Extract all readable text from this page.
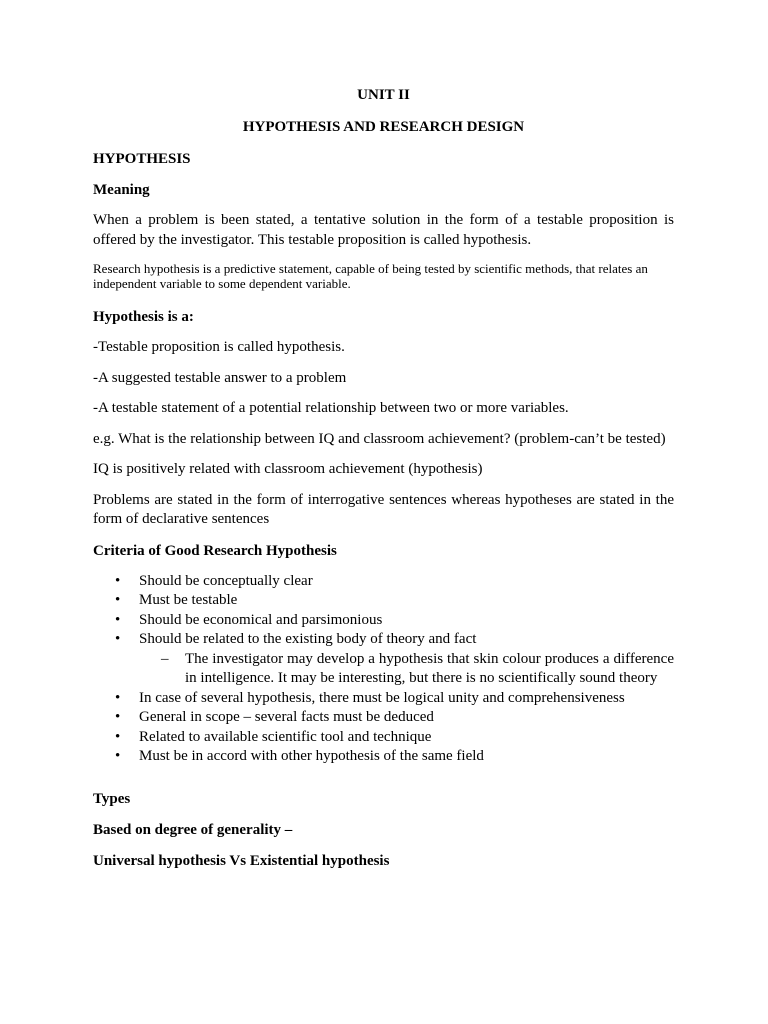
UNIT II
HYPOTHESIS AND RESEARCH DESIGN
HYPOTHESIS
Meaning

When a problem is been stated, a tentative solution in the form of a testable proposition is offered by the investigator. This testable proposition is called hypothesis.

Research hypothesis is a predictive statement, capable of being tested by scientific methods, that relates an independent variable to some dependent variable.

Hypothesis is a:

-Testable proposition is called hypothesis.

-A suggested testable answer to a problem

-A testable statement of a potential relationship between two or more variables.

e.g. What is the relationship between IQ and classroom achievement? (problem-can’t be tested)

IQ is positively related with classroom achievement (hypothesis)

Problems are stated in the form of interrogative sentences whereas hypotheses are stated in the form of declarative sentences

Criteria of Good Research Hypothesis
• Should be conceptually clear
• Must be testable
• Should be economical and parsimonious
• Should be related to the existing body of theory and fact
– The investigator may develop a hypothesis that skin colour produces a difference in intelligence. It may be interesting, but there is no scientifically sound theory
• In case of several hypothesis, there must be logical unity and comprehensiveness
• General in scope – several facts must be deduced
• Related to available scientific tool and technique
• Must be in accord with other hypothesis of the same field
Types
Based on degree of generality –
Universal hypothesis Vs Existential hypothesis
